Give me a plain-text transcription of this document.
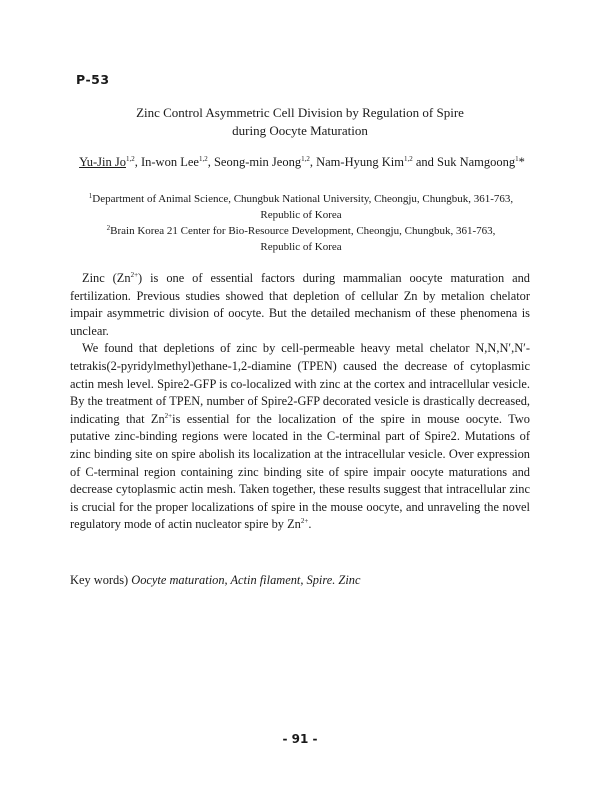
P-53
Zinc Control Asymmetric Cell Division by Regulation of Spire
during Oocyte Maturation
Yu-Jin Jo$^{1,2}$, In-won Lee$^{1,2}$, Seong-min Jeong$^{1,2}$, Nam-Hyung Kim$^{1,2}$ and Suk Namgoong$^1$*
$^1$Department of Animal Science, Chungbuk National University, Cheongju, Chungbuk, 361-763,
Republic of Korea
$^2$Brain Korea 21 Center for Bio-Resource Development, Cheongju, Chungbuk, 361-763,
Republic of Korea

Zinc $(Zn^{2+})$ is one of essential factors during mammalian oocyte maturation and fertilization. Previous studies showed that depletion of cellular Zn by metalion chelator impair asymmetric division of oocyte. But the detailed mechanism of these phenomena is unclear.

We found that depletions of zinc by cell-permeable heavy metal chelator N,N,N′,N′-tetrakis(2-pyridylmethyl)ethane-1,2-diamine (TPEN) caused the decrease of cytoplasmic actin mesh level. Spire2-GFP is co-localized with zinc at the cortex and intracellular vesicle. By the treatment of TPEN, number of Spire2-GFP decorated vesicle is drastically decreased, indicating that $Zn^{2+}is$ essential for the localization of the spire in mouse oocyte. Two putative zinc-binding regions were located in the C-terminal part of Spire2. Mutations of zinc binding site on spire abolish its localization at the intracellular vesicle. Over expression of C-terminal region containing zinc binding site of spire impair oocyte maturations and decrease cytoplasmic actin mesh. Taken together, these results suggest that intracellular zinc is crucial for the proper localizations of spire in the mouse oocyte, and unraveling the novel regulatory mode of actin nucleator spire by $Zn^{2+}$.

Key words) Oocyte maturation, Actin filament, Spire. Zinc
- 91 -
